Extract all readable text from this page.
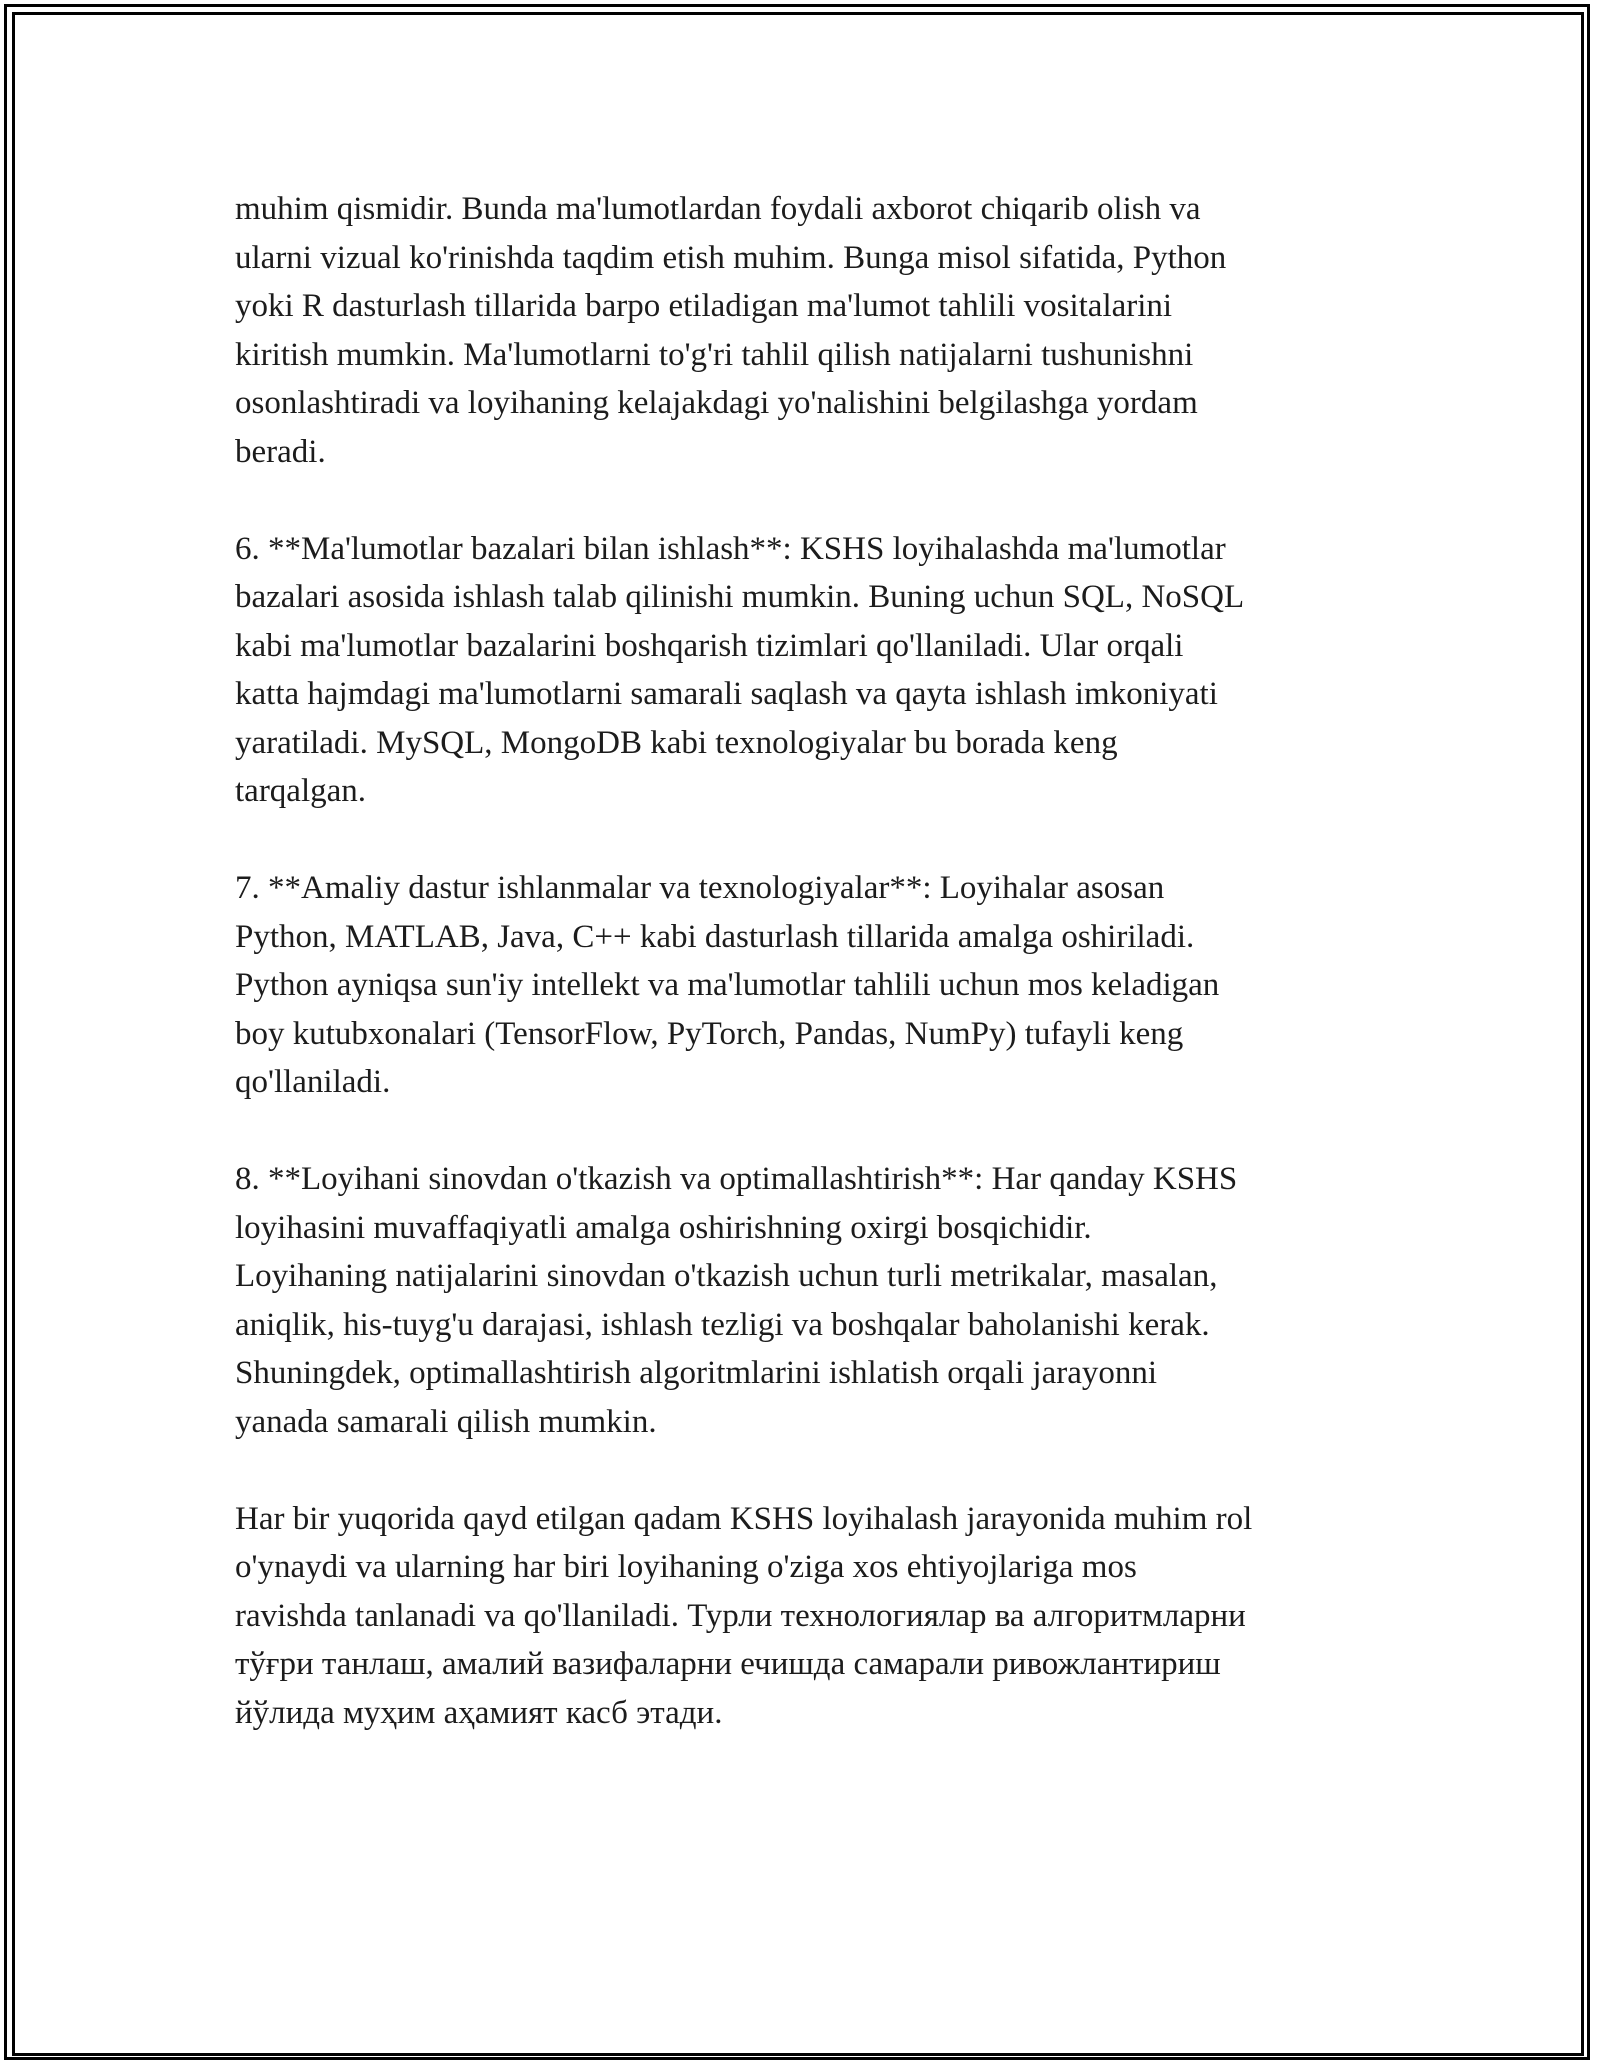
muhim qismidir. Bunda ma'lumotlardan foydali axborot chiqarib olish va
ularni vizual ko'rinishda taqdim etish muhim. Bunga misol sifatida, Python
yoki R dasturlash tillarida barpo etiladigan ma'lumot tahlili vositalarini
kiritish mumkin. Ma'lumotlarni to'g'ri tahlil qilish natijalarni tushunishni
osonlashtiradi va loyihaning kelajakdagi yo'nalishini belgilashga yordam
beradi.

6. **Ma'lumotlar bazalari bilan ishlash**: KSHS loyihalashda ma'lumotlar
bazalari asosida ishlash talab qilinishi mumkin. Buning uchun SQL, NoSQL
kabi ma'lumotlar bazalarini boshqarish tizimlari qo'llaniladi. Ular orqali
katta hajmdagi ma'lumotlarni samarali saqlash va qayta ishlash imkoniyati
yaratiladi. MySQL, MongoDB kabi texnologiyalar bu borada keng
tarqalgan.

7. **Amaliy dastur ishlanmalar va texnologiyalar**: Loyihalar asosan
Python, MATLAB, Java, C++ kabi dasturlash tillarida amalga oshiriladi.
Python ayniqsa sun'iy intellekt va ma'lumotlar tahlili uchun mos keladigan
boy kutubxonalari (TensorFlow, PyTorch, Pandas, NumPy) tufayli keng
qo'llaniladi.

8. **Loyihani sinovdan o'tkazish va optimallashtirish**: Har qanday KSHS
loyihasini muvaffaqiyatli amalga oshirishning oxirgi bosqichidir.
Loyihaning natijalarini sinovdan o'tkazish uchun turli metrikalar, masalan,
aniqlik, his-tuyg'u darajasi, ishlash tezligi va boshqalar baholanishi kerak.
Shuningdek, optimallashtirish algoritmlarini ishlatish orqali jarayonni
yanada samarali qilish mumkin.

Har bir yuqorida qayd etilgan qadam KSHS loyihalash jarayonida muhim rol
o'ynaydi va ularning har biri loyihaning o'ziga xos ehtiyojlariga mos
ravishda tanlanadi va qo'llaniladi. Турли технологиялар ва алгоритмларни
тўғри танлаш, амалий вазифаларни ечишда самарали ривожлантириш
йўлида муҳим аҳамият касб этади.
